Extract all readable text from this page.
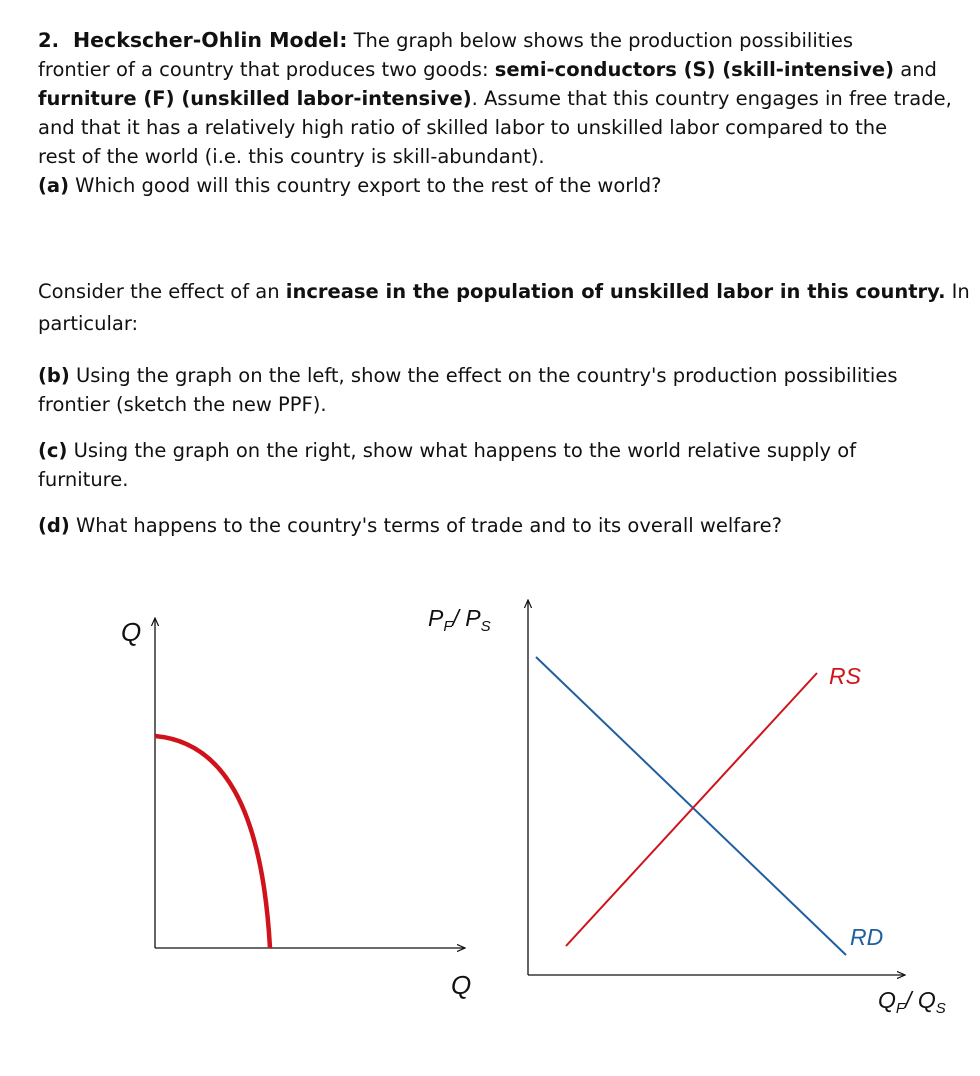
2. Heckscher-Ohlin Model: The graph below shows the production possibilities
frontier of a country that produces two goods: semi-conductors (S) (skill-intensive) and
furniture (F) (unskilled labor-intensive). Assume that this country engages in free trade,
and that it has a relatively high ratio of skilled labor to unskilled labor compared to the
rest of the world (i.e. this country is skill-abundant).
(a) Which good will this country export to the rest of the world?
Consider the effect of an increase in the population of unskilled labor in this country. In
particular:
(b) Using the graph on the left, show the effect on the country's production possibilities
frontier (sketch the new PPF).
(c) Using the graph on the right, show what happens to the world relative supply of
furniture.
(d) What happens to the country's terms of trade and to its overall welfare?
Q
Q
RS
RD
$P_F/$ $P_S$
$Q_F/$ $Q_S$
